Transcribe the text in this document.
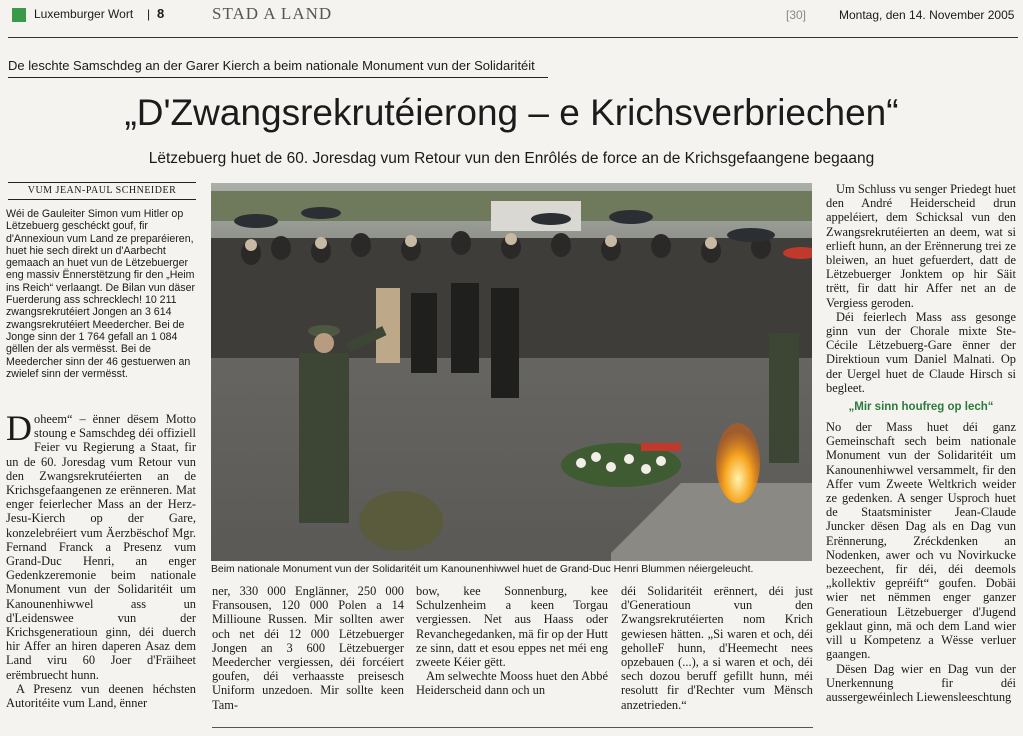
Luxemburger Wort | 8	STAD A LAND	[30]	Montag, den 14. November 2005
De leschte Samschdeg an der Garer Kierch a beim nationale Monument vun der Solidaritéit
„D'Zwangsrekrutéierong – e Krichsverbriechen“
Lëtzebuerg huet de 60. Joresdag vum Retour vun den Enrôlés de force an de Krichsgefaangene begaang
VUM JEAN-PAUL SCHNEIDER
Wéi de Gauleiter Simon vum Hitler op Lëtzebuerg geschéckt gouf, fir d'Annexioun vum Land ze preparéieren, huet hie sech direkt un d'Aarbecht gemaach an huet vun de Lëtzebuerger eng massiv Ënnerstëtzung fir den „Heim ins Reich“ verlaangt. De Bilan vun däser Fuerderung ass schrecklech! 10 211 zwangsrekrutéiert Jongen an 3 614 zwangsrekrutéiert Meedercher. Bei de Jonge sinn der 1 764 gefall an 1 084 gëllen der als vermësst. Bei de Meedercher sinn der 46 gestuerwen an zwielef sinn der vermësst.
Beim nationale Monument vun der Solidaritéit um Kanounenhiwwel huet de Grand-Duc Henri Blummen néiergeleucht.

Doheem“ – ënner dësem Motto stoung e Samschdeg déi offiziell Feier vu Regierung a Staat, fir un de 60. Joresdag vum Retour vun den Zwangsrekrutéierten an de Krichsgefaangenen ze erënneren. Mat enger feierlecher Mass an der Herz-Jesu-Kierch op der Gare, konzelebréiert vum Äerzbëschof Mgr. Fernand Franck a Presenz vum Grand-Duc Henri, an enger Gedenkzeremonie beim nationale Monument vun der Solidaritéit um Kanounenhiwwel ass un d'Leidenswee vun der Krichsgeneratioun ginn, déi duerch hir Affer an hiren daperen Asaz dem Land viru 60 Joer d'Fräiheet erëmbruecht hunn.

A Presenz vun deenen héchsten Autoritéite vum Land, ënner

ner, 330 000 Englänner, 250 000 Fransousen, 120 000 Polen a 14 Millioune Russen. Mir sollten awer och net déi 12 000 Lëtzebuerger Jongen an 3 600 Lëtzebuerger Meedercher vergiessen, déi forcéiert goufen, déi verhaasste preisesch Uniform unzedoen. Mir sollte keen Tam-

bow, kee Sonnenburg, kee Schulzenheim a keen Torgau vergiessen. Net aus Haass oder Revanchegedanken, mä fir op der Hutt ze sinn, datt et esou eppes net méi eng zweete Kéier gëtt.

Am selwechte Mooss huet den Abbé Heiderscheid dann och un

déi Solidaritéit erënnert, déi just d'Generatioun vun den Zwangsrekrutéierten nom Krich gewiesen hätten. „Si waren et och, déi geholleF hunn, d'Heemecht nees opzebauen (...), a si waren et och, déi sech dozou beruff gefillt hunn, méi resolutt fir d'Rechter vum Mënsch anzetrieden.“

Um Schluss vu senger Priedegt huet den André Heiderscheid drun appeléiert, dem Schicksal vun den Zwangsrekrutéierten an deem, wat si erlieft hunn, an der Erënnerung trei ze bleiwen, an huet gefuerdert, datt de Lëtzebuerger Jonktem op hir Säit trëtt, fir datt hir Affer net an de Vergiess geroden.

Déi feierlech Mass ass gesonge ginn vun der Chorale mixte Ste-Cécile Lëtzebuerg-Gare ënner der Direktioun vum Daniel Malnati. Op der Uergel huet de Claude Hirsch si begleet.

„Mir sinn houfreg op lech“

No der Mass huet déi ganz Gemeinschaft sech beim nationale Monument vun der Solidaritéit um Kanounenhiwwel versammelt, fir den Affer vum Zweete Weltkrich weider ze gedenken. A senger Usproch huet de Staatsminister Jean-Claude Juncker dësen Dag als en Dag vun Erënnerung, Zréckdenken an Nodenken, awer och vu Novirkucke bezeechent, fir déi, déi deemols „kollektiv gepréift“ goufen. Dobäi wier net nëmmen enger ganzer Generatioun Lëtzebuerger d'Jugend geklaut ginn, mä och dem Land wier vill u Kompetenz a Wësse verluer gaangen.

Dësen Dag wier en Dag vun der Unerkennung fir déi aussergewéinlech Liewensleeschtung
